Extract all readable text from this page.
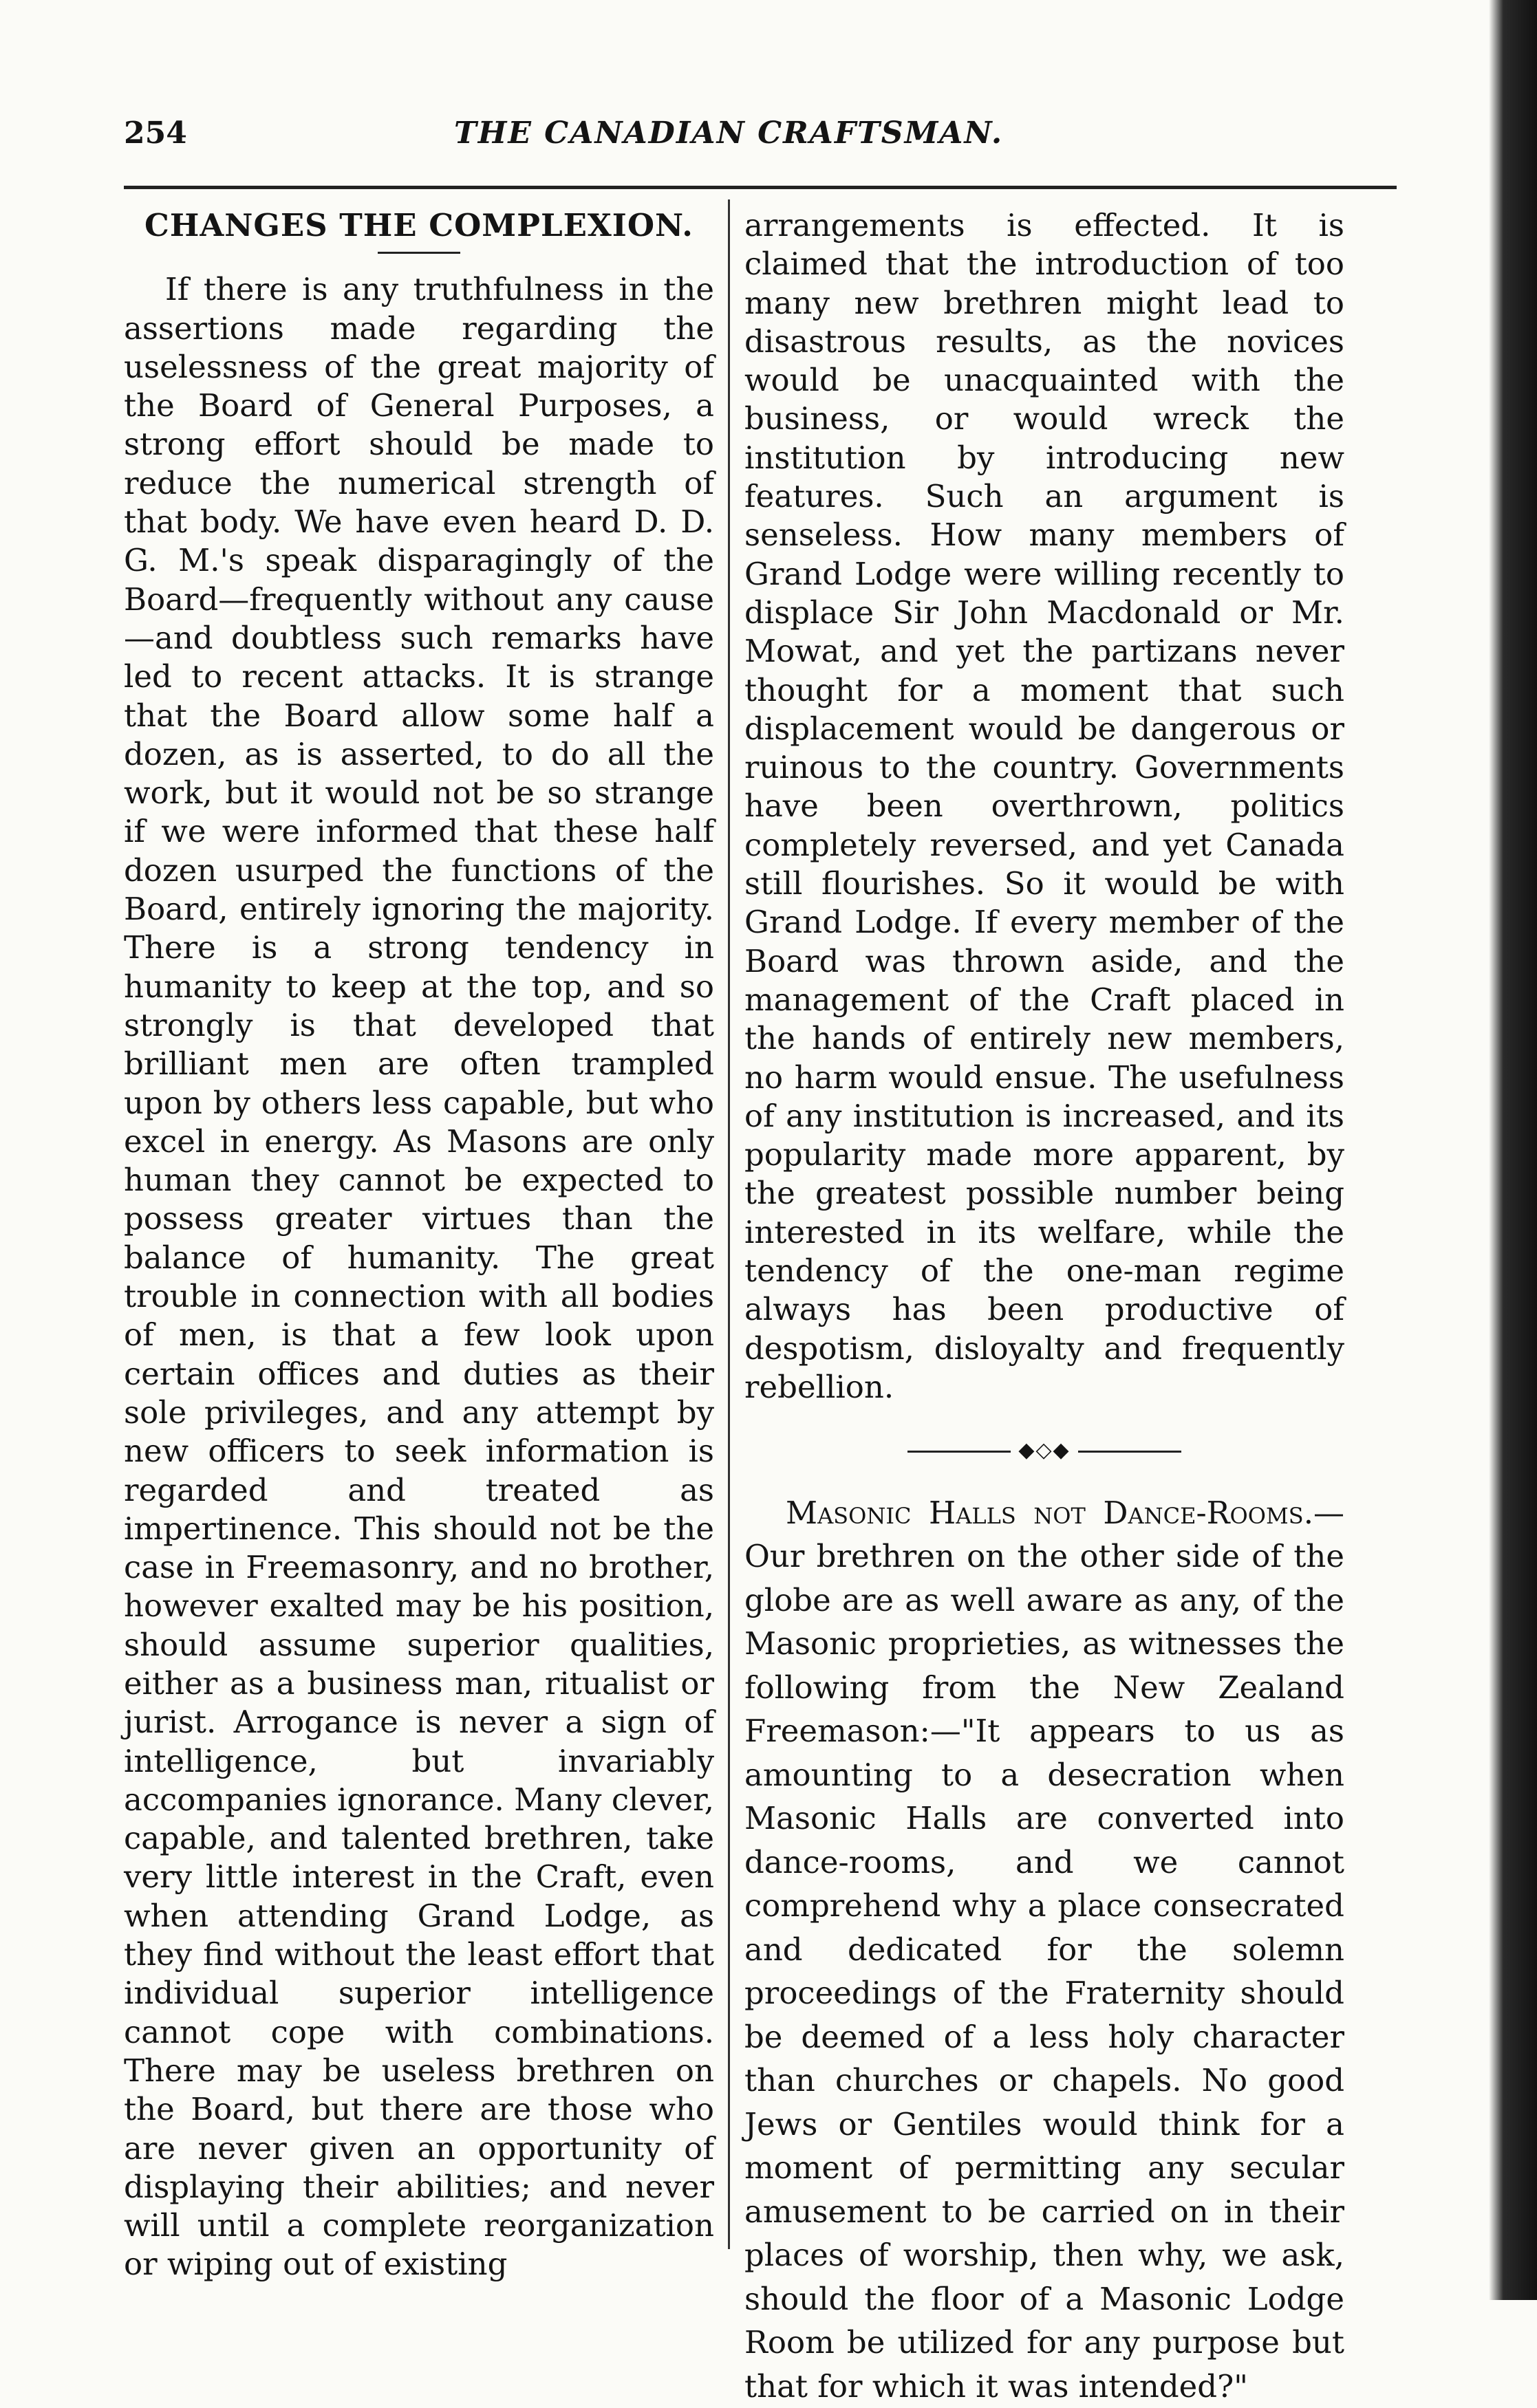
254	THE CANADIAN CRAFTSMAN.
CHANGES THE COMPLEXION.

If there is any truthfulness in the assertions made regarding the uselessness of the great majority of the Board of General Purposes, a strong effort should be made to reduce the numerical strength of that body. We have even heard D. D. G. M.'s speak disparagingly of the Board—frequently without any cause—and doubtless such remarks have led to recent attacks. It is strange that the Board allow some half a dozen, as is asserted, to do all the work, but it would not be so strange if we were informed that these half dozen usurped the functions of the Board, entirely ignoring the majority. There is a strong tendency in humanity to keep at the top, and so strongly is that developed that brilliant men are often trampled upon by others less capable, but who excel in energy. As Masons are only human they cannot be expected to possess greater virtues than the balance of humanity. The great trouble in connection with all bodies of men, is that a few look upon certain offices and duties as their sole privileges, and any attempt by new officers to seek information is regarded and treated as impertinence. This should not be the case in Freemasonry, and no brother, however exalted may be his position, should assume superior qualities, either as a business man, ritualist or jurist. Arrogance is never a sign of intelligence, but invariably accompanies ignorance. Many clever, capable, and talented brethren, take very little interest in the Craft, even when attending Grand Lodge, as they find without the least effort that individual superior intelligence cannot cope with combinations. There may be useless brethren on the Board, but there are those who are never given an opportunity of displaying their abilities; and never will until a complete reorganization or wiping out of existing

arrangements is effected. It is claimed that the introduction of too many new brethren might lead to disastrous results, as the novices would be unacquainted with the business, or would wreck the institution by introducing new features. Such an argument is senseless. How many members of Grand Lodge were willing recently to displace Sir John Macdonald or Mr. Mowat, and yet the partizans never thought for a moment that such displacement would be dangerous or ruinous to the country. Governments have been overthrown, politics completely reversed, and yet Canada still flourishes. So it would be with Grand Lodge. If every member of the Board was thrown aside, and the management of the Craft placed in the hands of entirely new members, no harm would ensue. The usefulness of any institution is increased, and its popularity made more apparent, by the greatest possible number being interested in its welfare, while the tendency of the one-man regime always has been productive of despotism, disloyalty and frequently rebellion.

◆◇◆

Masonic Halls not Dance-Rooms.—Our brethren on the other side of the globe are as well aware as any, of the Masonic proprieties, as witnesses the following from the New Zealand Freemason:—"It appears to us as amounting to a desecration when Masonic Halls are converted into dance-rooms, and we cannot comprehend why a place consecrated and dedicated for the solemn proceedings of the Fraternity should be deemed of a less holy character than churches or chapels. No good Jews or Gentiles would think for a moment of permitting any secular amusement to be carried on in their places of worship, then why, we ask, should the floor of a Masonic Lodge Room be utilized for any purpose but that for which it was intended?"
